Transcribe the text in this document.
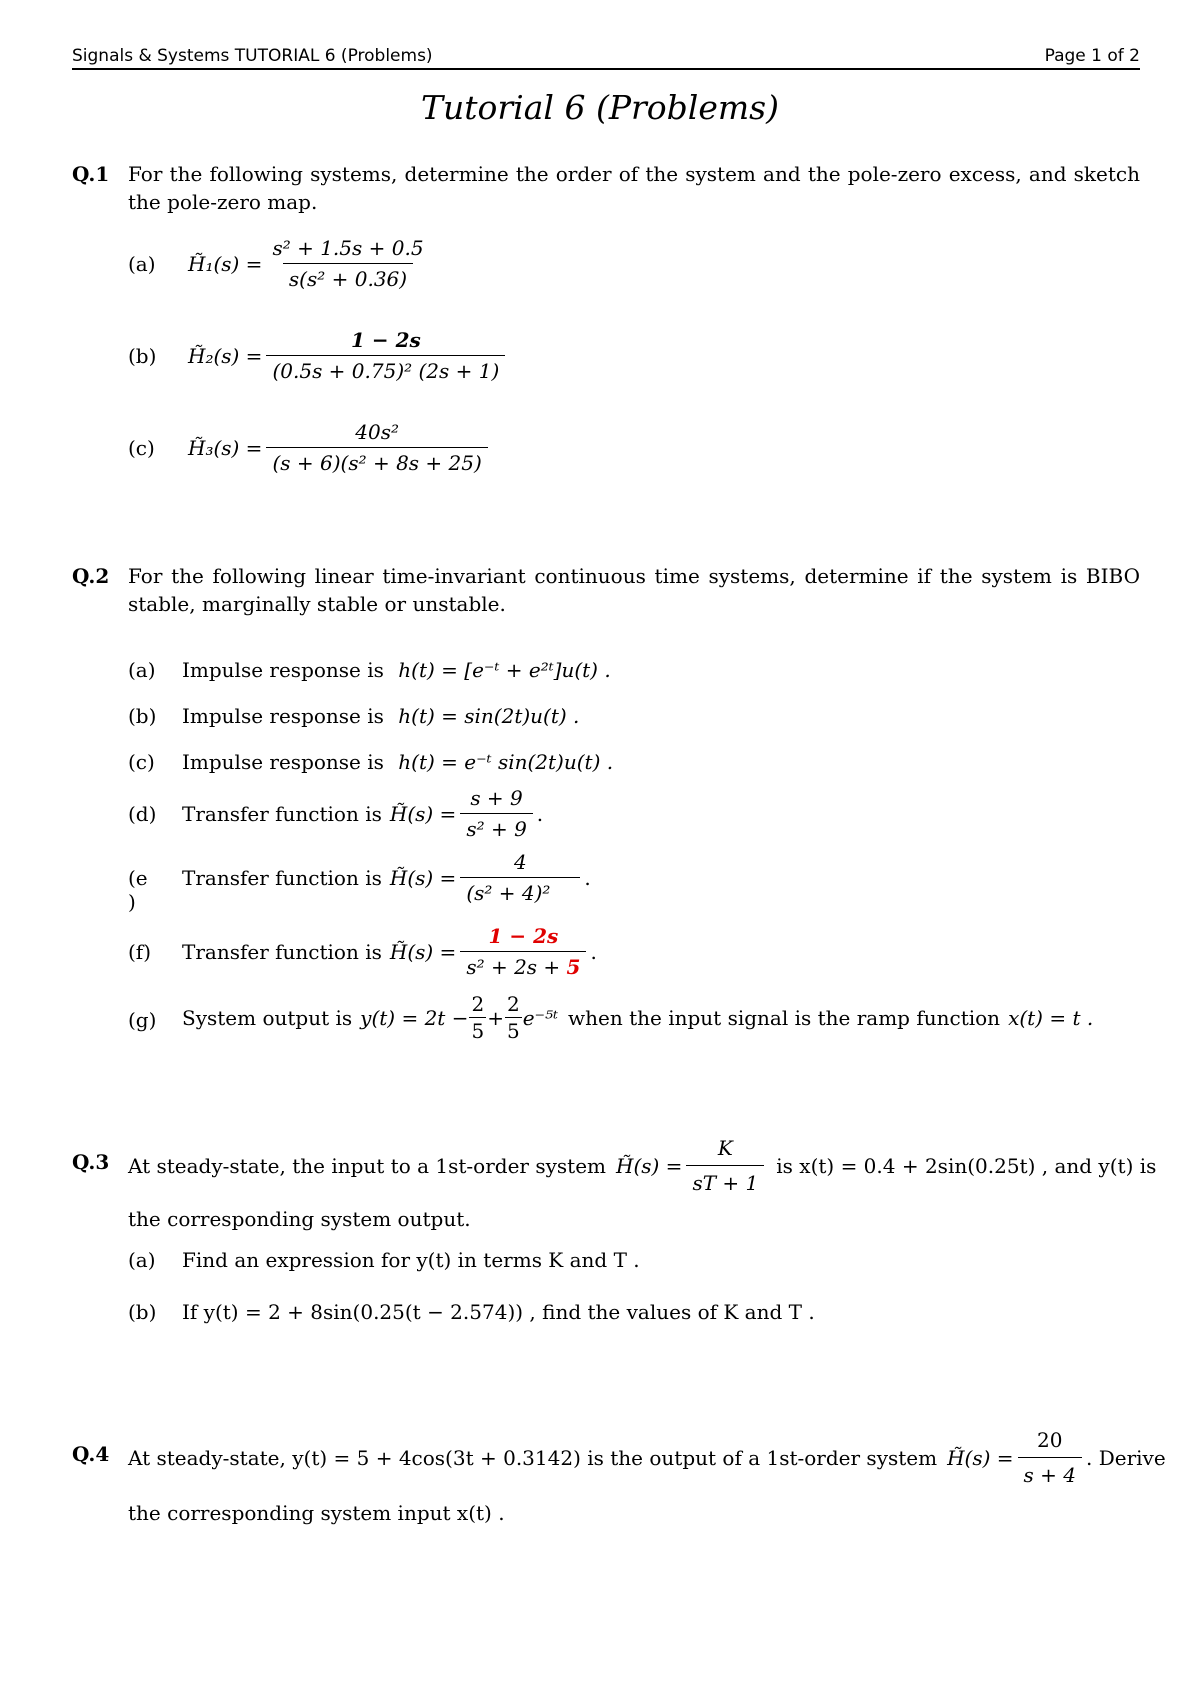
Signals & Systems TUTORIAL 6 (Problems)	Page 1 of 2
Tutorial 6 (Problems)
Q.1 For the following systems, determine the order of the system and the pole-zero excess, and sketch the pole-zero map.
(a) H̃₁(s) = $\frac{\text{s² + 1.5s + 0.5}}{\text{s(s² + 0.36)}}$
(b) H̃₂(s) = $\frac{1 - 2s}{\text{(0.5s + 0.75)² (2s + 1)}}$
(c) H̃₃(s) = $\frac{\text{40s²}}{\text{(s + 6)(s² + 8s + 25)}}$
Q.2 For the following linear time-invariant continuous time systems, determine if the system is BIBO stable, marginally stable or unstable.
(a) Impulse response is h(t) = [e⁻ᵗ + e²ᵗ]u(t) .
(b) Impulse response is h(t) = sin(2t)u(t) .
(c) Impulse response is h(t) = e⁻ᵗ sin(2t)u(t) .
(d) Transfer function is H̃(s) = $\frac{s + 9}{\text{s² + 9}}$ .
(e )
Transfer function is H̃(s) = $\frac{4}{\text{(s² + 4)²}}$ .
(f) Transfer function is H̃(s) = $\frac{1 - 2s}{\text{s² + 2s + 5}}$ .
(g) System output is $y(t) = 2t - \frac{2}{5} + \frac{2}{5}$ e⁻⁵ᵗ when the input signal is the ramp function x(t) = t .
Q.3 At steady-state, the input to a 1st-order system H̃(s) = $\frac{K}{sT + 1}$ is x(t) = 0.4 + 2sin(0.25t) , and y(t) is
the corresponding system output.
(a) Find an expression for y(t) in terms K and T .
(b) If y(t) = 2 + 8sin(0.25(t − 2.574)) , find the values of K and T .
Q.4 At steady-state, y(t) = 5 + 4cos(3t + 0.3142) is the output of a 1st-order system H̃(s) = $\frac{20}{s + 4}$ . Derive
the corresponding system input x(t) .
